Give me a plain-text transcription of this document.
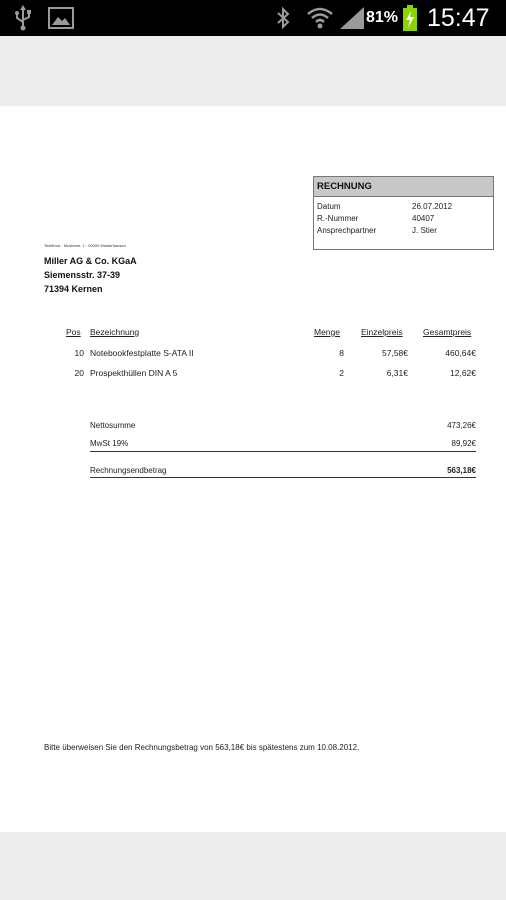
81% 15:47
RECHNUNG
Datum	26.07.2012
R.-Nummer	40407
Ansprechpartner	J. Stier
Testfirma · Musterstr. 1 · 00000 Musterhausen
Miller AG & Co. KGaA
Siemensstr. 37-39
71394 Kernen
Pos Bezeichnung	Menge Einzelpreis Gesamtpreis
10 Notebookfestplatte S-ATA II	8	57,58€	460,64€
20 Prospekthüllen DIN A 5	2	6,31€	12,62€
Nettosumme	473,26€
MwSt 19%	89,92€
Rechnungsendbetrag	563,18€
Bitte überweisen Sie den Rechnungsbetrag von 563,18€ bis spätestens zum 10.08.2012.
